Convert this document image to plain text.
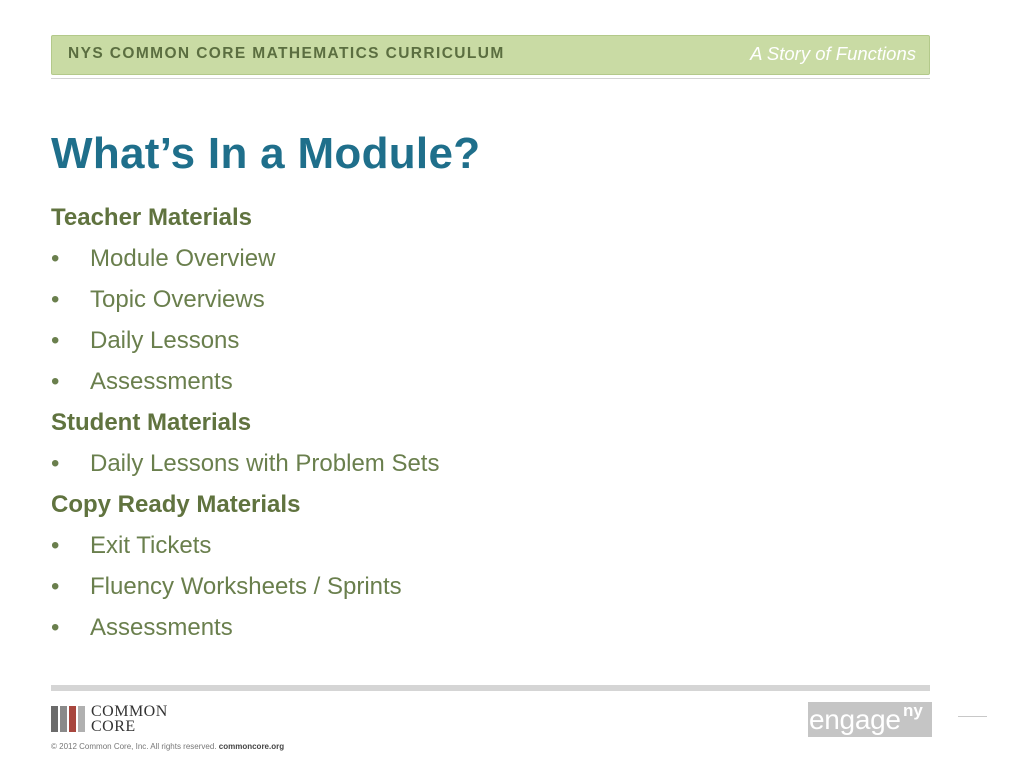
NYS COMMON CORE MATHEMATICS CURRICULUM	A Story of Functions
What’s In a Module?
Teacher Materials
• Module Overview
• Topic Overviews
• Daily Lessons
• Assessments
Student Materials
• Daily Lessons with Problem Sets
Copy Ready Materials
• Exit Tickets
• Fluency Worksheets / Sprints
• Assessments
COMMON
CORE
© 2012 Common Core, Inc. All rights reserved. commoncore.org
engage ny
